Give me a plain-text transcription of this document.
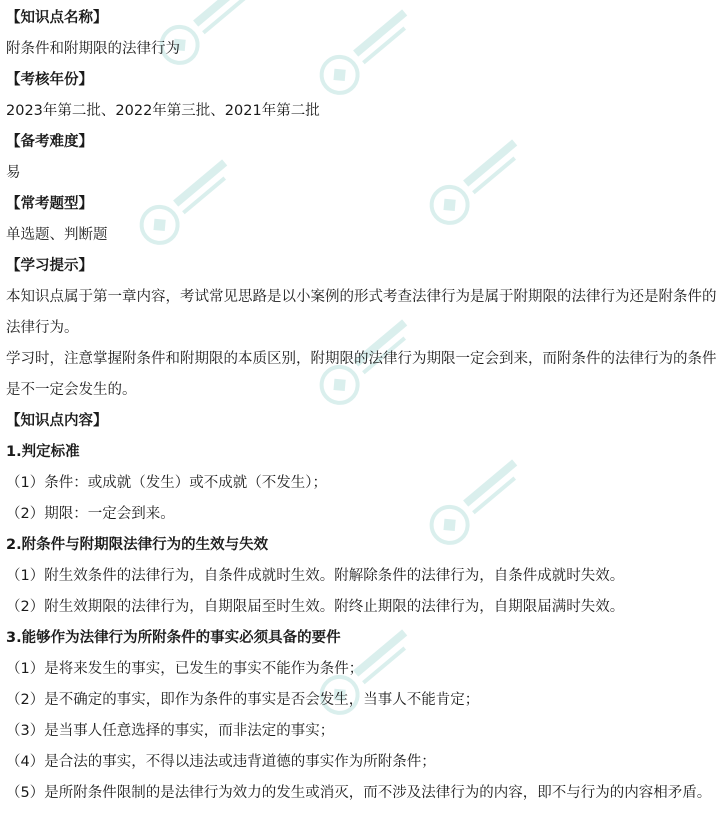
【知识点名称】
附条件和附期限的法律行为
【考核年份】
2023年第二批、2022年第三批、2021年第二批
【备考难度】
易
【常考题型】
单选题、判断题
【学习提示】
本知识点属于第一章内容，考试常见思路是以小案例的形式考查法律行为是属于附期限的法律行为还是附条件的法律行为。
学习时，注意掌握附条件和附期限的本质区别，附期限的法律行为期限一定会到来，而附条件的法律行为的条件是不一定会发生的。
【知识点内容】
1.判定标准
（1）条件：或成就（发生）或不成就（不发生）；
（2）期限：一定会到来。
2.附条件与附期限法律行为的生效与失效
（1）附生效条件的法律行为，自条件成就时生效。附解除条件的法律行为，自条件成就时失效。
（2）附生效期限的法律行为，自期限届至时生效。附终止期限的法律行为，自期限届满时失效。
3.能够作为法律行为所附条件的事实必须具备的要件
（1）是将来发生的事实，已发生的事实不能作为条件；
（2）是不确定的事实，即作为条件的事实是否会发生，当事人不能肯定；
（3）是当事人任意选择的事实，而非法定的事实；
（4）是合法的事实，不得以违法或违背道德的事实作为所附条件；
（5）是所附条件限制的是法律行为效力的发生或消灭，而不涉及法律行为的内容，即不与行为的内容相矛盾。
